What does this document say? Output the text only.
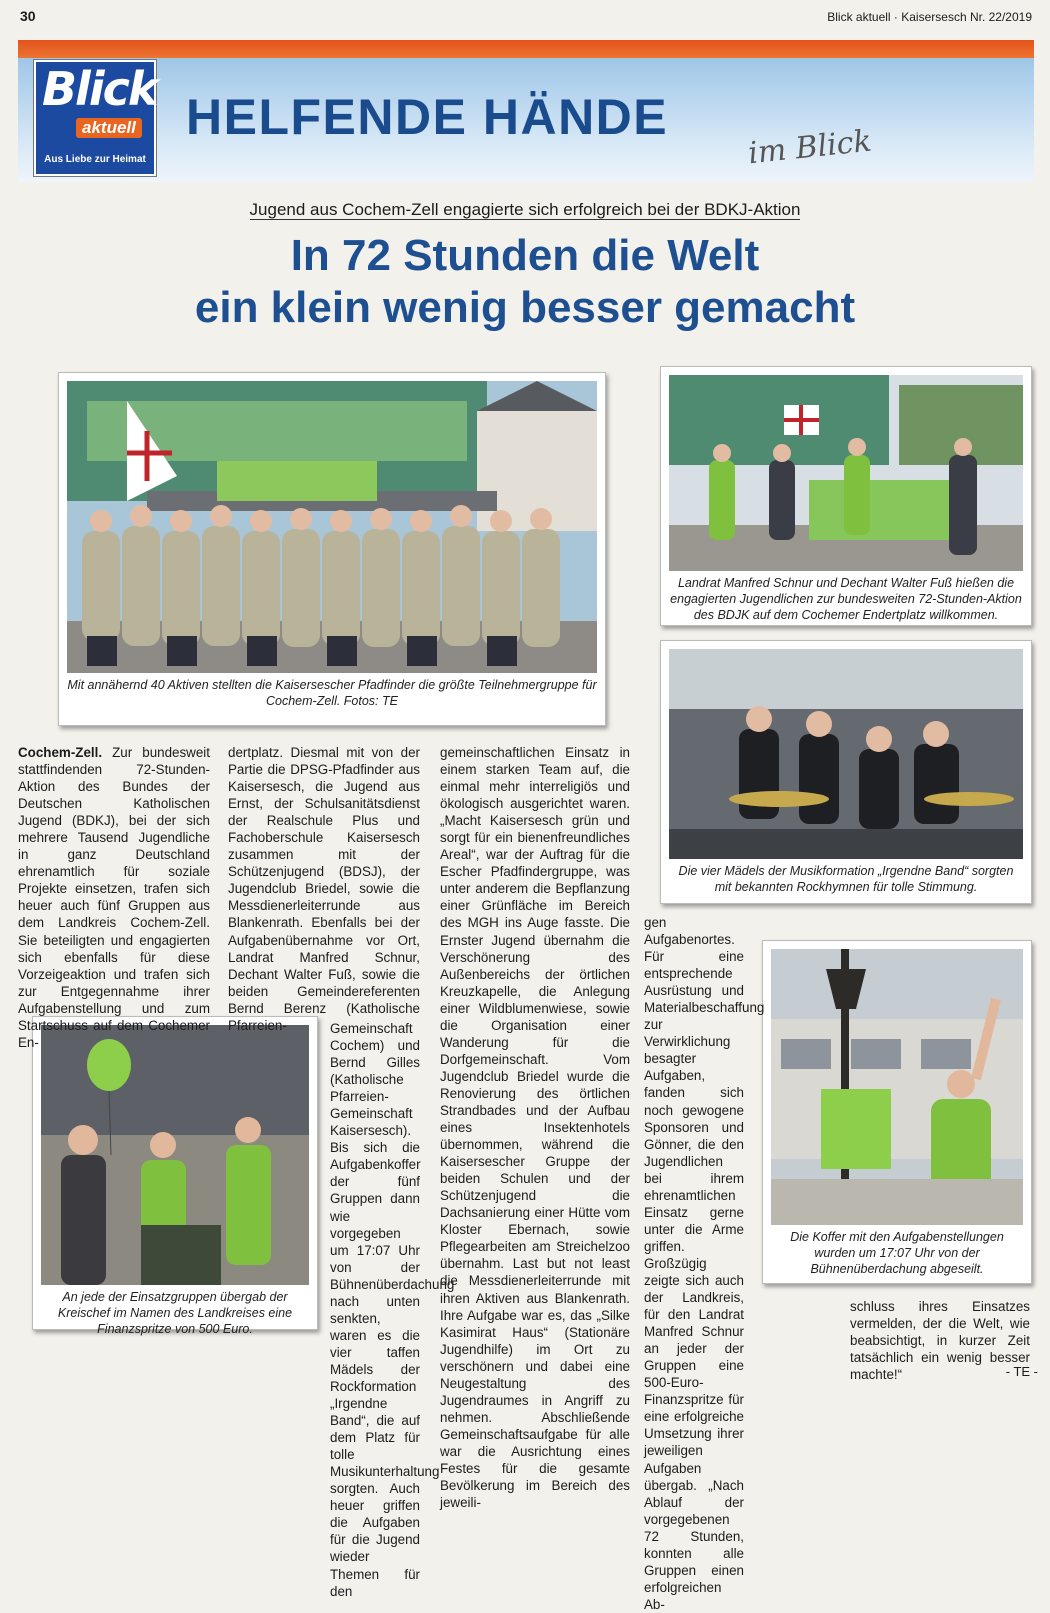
30	Blick aktuell · Kaisersesch Nr. 22/2019
Blick
aktuell
Aus Liebe zur Heimat
HELFENDE HÄNDE
im Blick
Jugend aus Cochem-Zell engagierte sich erfolgreich bei der BDKJ-Aktion
In 72 Stunden die Welt
ein klein wenig besser gemacht
Mit annähernd 40 Aktiven stellten die Kaisersescher Pfadfinder die größte Teilnehmergruppe für Cochem-Zell. Fotos: TE
Landrat Manfred Schnur und Dechant Walter Fuß hießen die engagierten Jugendlichen zur bundesweiten 72-Stunden-Aktion des BDJK auf dem Cochemer Endertplatz willkommen.
Die vier Mädels der Musikformation „Irgendne Band“ sorgten mit bekannten Rockhymnen für tolle Stimmung.
An jede der Einsatzgruppen übergab der Kreischef im Namen des Landkreises eine Finanzspritze von 500 Euro.
Die Koffer mit den Aufgabenstellungen wurden um 17:07 Uhr von der Bühnenüberdachung abgeseilt.
Cochem-Zell. Zur bundesweit stattfindenden 72-Stunden-Aktion des Bundes der Deutschen Katholischen Jugend (BDKJ), bei der sich mehrere Tausend Jugendliche in ganz Deutschland ehrenamtlich für soziale Projekte einsetzen, trafen sich heuer auch fünf Gruppen aus dem Landkreis Cochem-Zell. Sie beteiligten und engagierten sich ebenfalls für diese Vorzeigeaktion und trafen sich zur Entgegennahme ihrer Aufgabenstellung und zum Startschuss auf dem Cochemer En-
dertplatz. Diesmal mit von der Partie die DPSG-Pfadfinder aus Kaisersesch, die Jugend aus Ernst, der Schulsanitätsdienst der Realschule Plus und Fachoberschule Kaisersesch zusammen mit der Schützenjugend (BDSJ), der Jugendclub Briedel, sowie die Messdienerleiterrunde aus Blankenrath. Ebenfalls bei der Aufgabenübernahme vor Ort, Landrat Manfred Schnur, Dechant Walter Fuß, sowie die beiden Gemeindereferenten Bernd Berenz (Katholische Pfarreien-	Gemeinschaft Cochem) und Bernd Gilles (Katholische Pfarreien-Gemeinschaft Kaisersesch). Bis sich die Aufgabenkoffer der fünf Gruppen dann wie vorgegeben um 17:07 Uhr von der Bühnenüberdachung nach unten senkten, waren es die vier taffen Mädels der Rockformation „Irgendne Band“, die auf dem Platz für tolle Musikunterhaltung sorgten. Auch heuer griffen die Aufgaben für die Jugend wieder Themen für den
gemeinschaftlichen Einsatz in einem starken Team auf, die einmal mehr interreligiös und ökologisch ausgerichtet waren. „Macht Kaisersesch grün und sorgt für ein bienenfreundliches Areal“, war der Auftrag für die Escher Pfadfindergruppe, was unter anderem die Bepflanzung einer Grünfläche im Bereich des MGH ins Auge fasste. Die Ernster Jugend übernahm die Verschönerung des Außenbereichs der örtlichen Kreuzkapelle, die Anlegung einer Wildblumenwiese, sowie die Organisation einer Wanderung für die Dorfgemeinschaft. Vom Jugendclub Briedel wurde die Renovierung des örtlichen Strandbades und der Aufbau eines Insektenhotels übernommen, während die Kaisersescher Gruppe der beiden Schulen und der Schützenjugend die Dachsanierung einer Hütte vom Kloster Ebernach, sowie Pflegearbeiten am Streichelzoo übernahm. Last but not least die Messdienerleiterrunde mit ihren Aktiven aus Blankenrath. Ihre Aufgabe war es, das „Silke Kasimirat Haus“ (Stationäre Jugendhilfe) im Ort zu verschönern und dabei eine Neugestaltung des Jugendraumes in Angriff zu nehmen. Abschließende Gemeinschaftsaufgabe für alle war die Ausrichtung eines Festes für die gesamte Bevölkerung im Bereich des jeweili-
gen Aufgabenortes. Für eine entsprechende Ausrüstung und Materialbeschaffung zur Verwirklichung besagter Aufgaben, fanden sich noch gewogene Sponsoren und Gönner, die den Jugendlichen bei ihrem ehrenamtlichen Einsatz gerne unter die Arme griffen. Großzügig zeigte sich auch der Landkreis, für den Landrat Manfred Schnur an jeder der Gruppen eine 500-Euro-Finanzspritze für eine erfolgreiche Umsetzung ihrer jeweiligen Aufgaben übergab. „Nach Ablauf der vorgegebenen 72 Stunden, konnten alle Gruppen einen erfolgreichen Ab-
schluss ihres Einsatzes vermelden, der die Welt, wie beabsichtigt, in kurzer Zeit tatsächlich ein wenig besser machte!“	- TE -
